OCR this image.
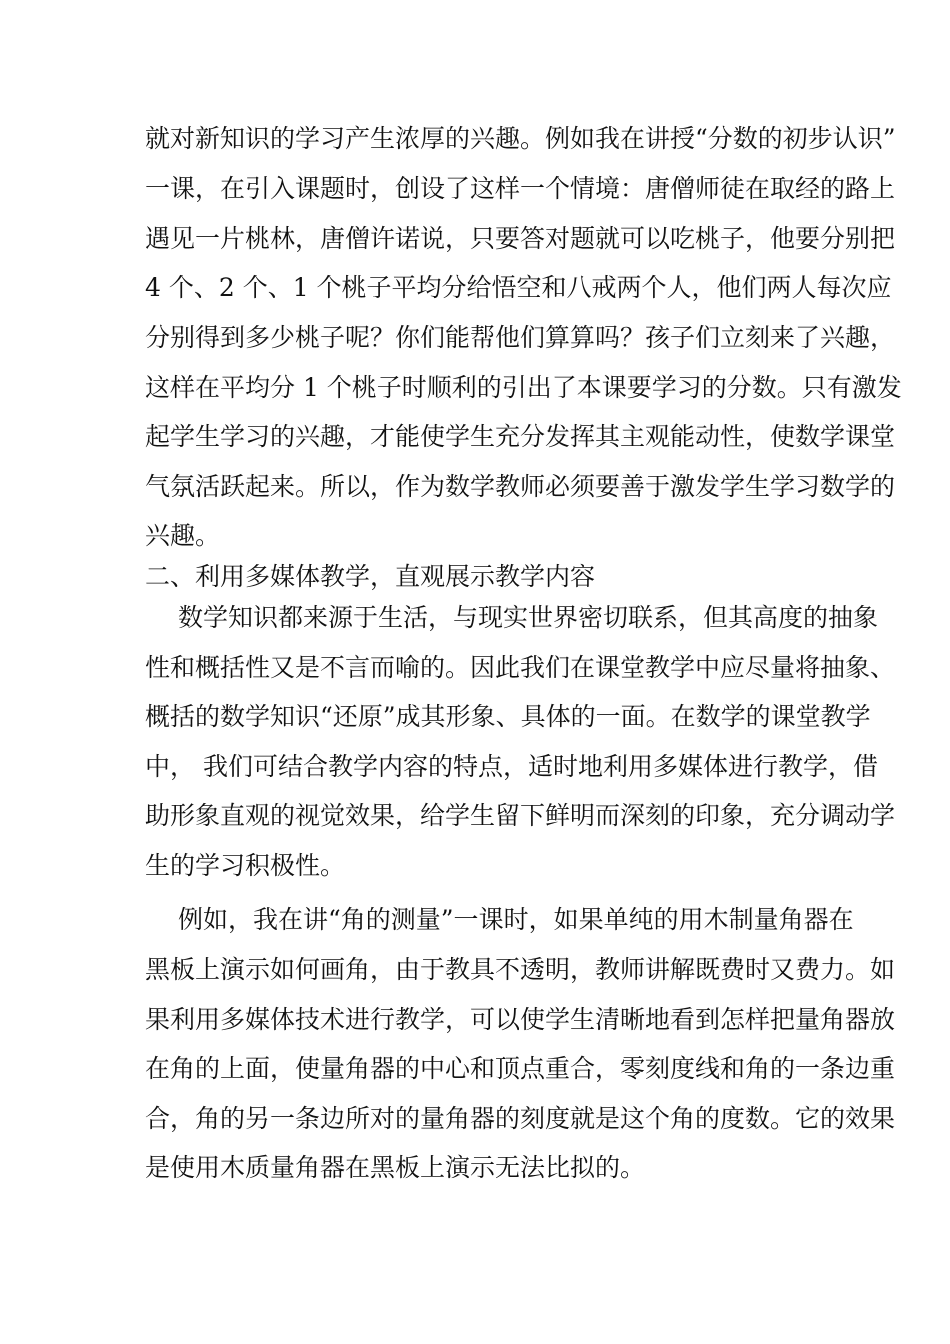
就对新知识的学习产生浓厚的兴趣。例如我在讲授“分数的初步认识”
一课，在引入课题时，创设了这样一个情境：唐僧师徒在取经的路上
遇见一片桃林，唐僧许诺说，只要答对题就可以吃桃子，他要分别把
4 个、2 个、1 个桃子平均分给悟空和八戒两个人，他们两人每次应
分别得到多少桃子呢？你们能帮他们算算吗？孩子们立刻来了兴趣，
这样在平均分 1 个桃子时顺利的引出了本课要学习的分数。只有激发
起学生学习的兴趣，才能使学生充分发挥其主观能动性，使数学课堂
气氛活跃起来。所以，作为数学教师必须要善于激发学生学习数学的
兴趣。
二、利用多媒体教学，直观展示教学内容
数学知识都来源于生活，与现实世界密切联系，但其高度的抽象
性和概括性又是不言而喻的。因此我们在课堂教学中应尽量将抽象、
概括的数学知识“还原”成其形象、具体的一面。在数学的课堂教学
中， 我们可结合教学内容的特点，适时地利用多媒体进行教学，借
助形象直观的视觉效果，给学生留下鲜明而深刻的印象，充分调动学
生的学习积极性。
例如，我在讲“角的测量”一课时，如果单纯的用木制量角器在
黑板上演示如何画角，由于教具不透明，教师讲解既费时又费力。如
果利用多媒体技术进行教学，可以使学生清晰地看到怎样把量角器放
在角的上面，使量角器的中心和顶点重合，零刻度线和角的一条边重
合，角的另一条边所对的量角器的刻度就是这个角的度数。它的效果
是使用木质量角器在黑板上演示无法比拟的。
